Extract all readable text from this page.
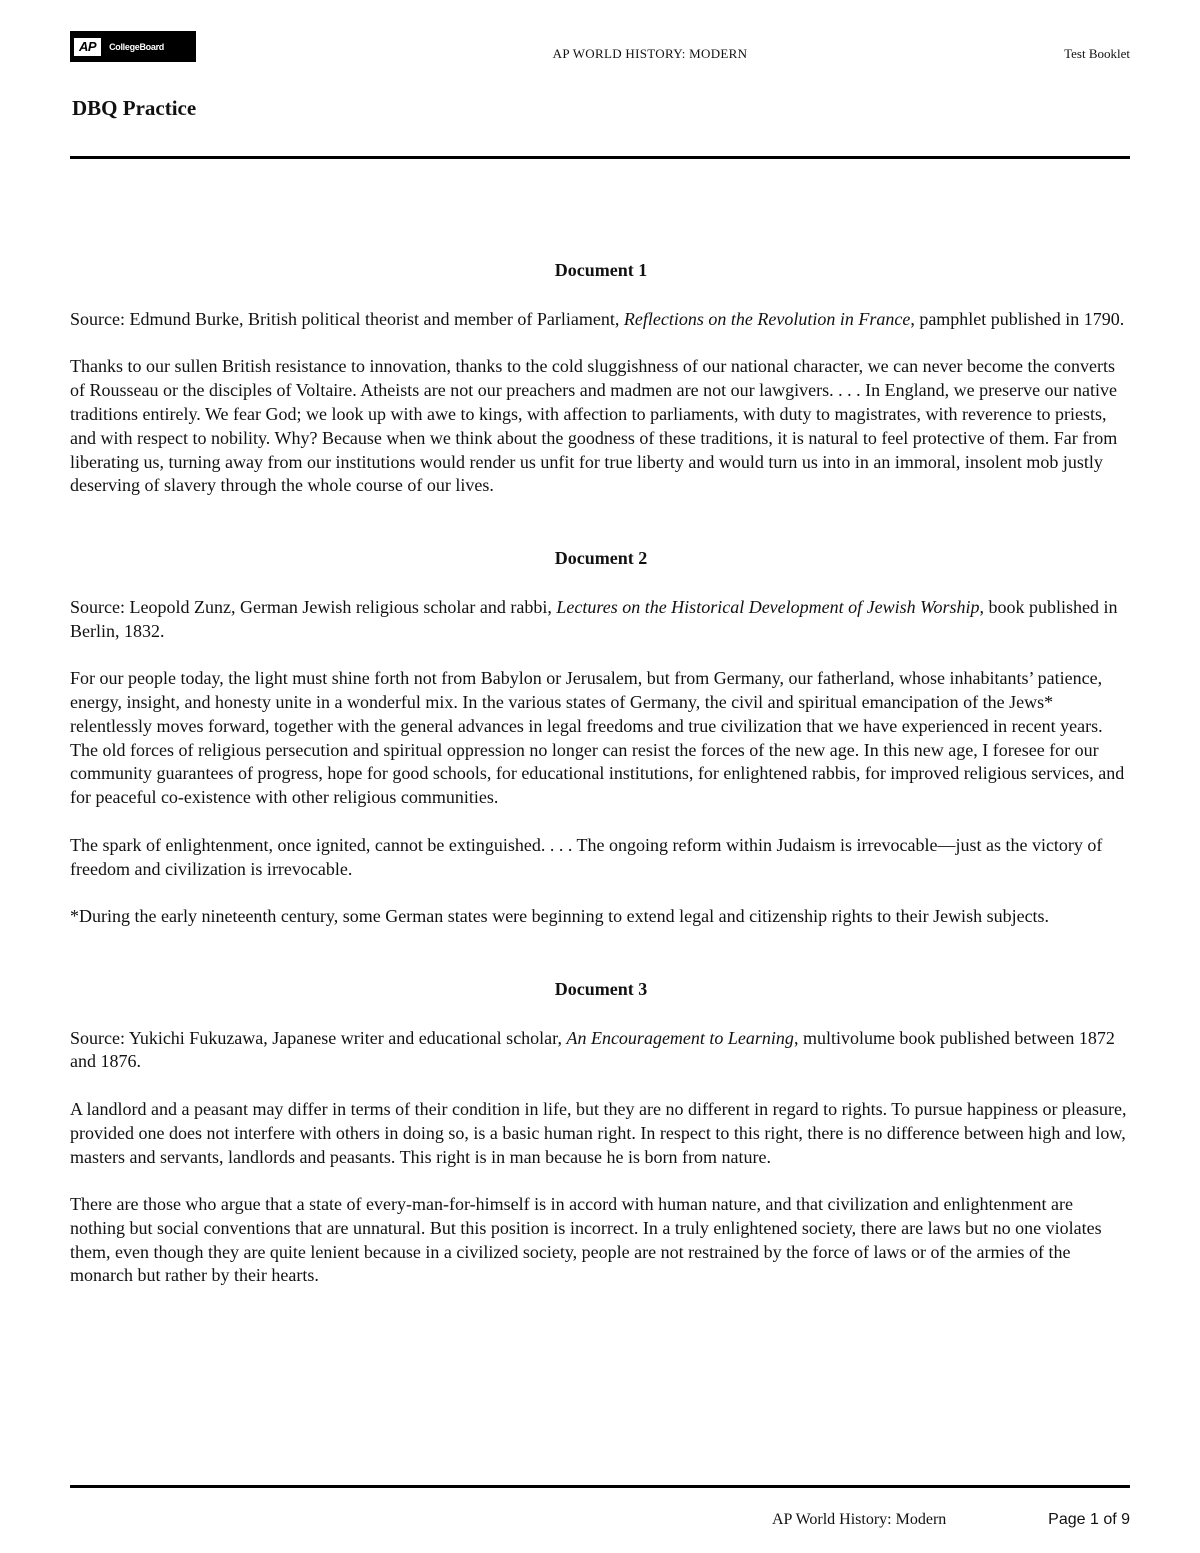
AP	CollegeBoard	AP WORLD HISTORY: MODERN	Test Booklet
DBQ Practice
Document 1

Source: Edmund Burke, British political theorist and member of Parliament, Reflections on the Revolution in France, pamphlet published in 1790.

Thanks to our sullen British resistance to innovation, thanks to the cold sluggishness of our national character, we can never become the converts of Rousseau or the disciples of Voltaire. Atheists are not our preachers and madmen are not our lawgivers. . . . In England, we preserve our native traditions entirely. We fear God; we look up with awe to kings, with affection to parliaments, with duty to magistrates, with reverence to priests, and with respect to nobility. Why? Because when we think about the goodness of these traditions, it is natural to feel protective of them. Far from liberating us, turning away from our institutions would render us unfit for true liberty and would turn us into in an immoral, insolent mob justly deserving of slavery through the whole course of our lives.

Document 2

Source: Leopold Zunz, German Jewish religious scholar and rabbi, Lectures on the Historical Development of Jewish Worship, book published in Berlin, 1832.

For our people today, the light must shine forth not from Babylon or Jerusalem, but from Germany, our fatherland, whose inhabitants’ patience, energy, insight, and honesty unite in a wonderful mix. In the various states of Germany, the civil and spiritual emancipation of the Jews* relentlessly moves forward, together with the general advances in legal freedoms and true civilization that we have experienced in recent years. The old forces of religious persecution and spiritual oppression no longer can resist the forces of the new age. In this new age, I foresee for our community guarantees of progress, hope for good schools, for educational institutions, for enlightened rabbis, for improved religious services, and for peaceful co-existence with other religious communities.

The spark of enlightenment, once ignited, cannot be extinguished. . . . The ongoing reform within Judaism is irrevocable—just as the victory of freedom and civilization is irrevocable.

*During the early nineteenth century, some German states were beginning to extend legal and citizenship rights to their Jewish subjects.

Document 3

Source: Yukichi Fukuzawa, Japanese writer and educational scholar, An Encouragement to Learning, multivolume book published between 1872 and 1876.

A landlord and a peasant may differ in terms of their condition in life, but they are no different in regard to rights. To pursue happiness or pleasure, provided one does not interfere with others in doing so, is a basic human right. In respect to this right, there is no difference between high and low, masters and servants, landlords and peasants. This right is in man because he is born from nature.

There are those who argue that a state of every-man-for-himself is in accord with human nature, and that civilization and enlightenment are nothing but social conventions that are unnatural. But this position is incorrect. In a truly enlightened society, there are laws but no one violates them, even though they are quite lenient because in a civilized society, people are not restrained by the force of laws or of the armies of the monarch but rather by their hearts.

AP World History: Modern	Page 1 of 9
